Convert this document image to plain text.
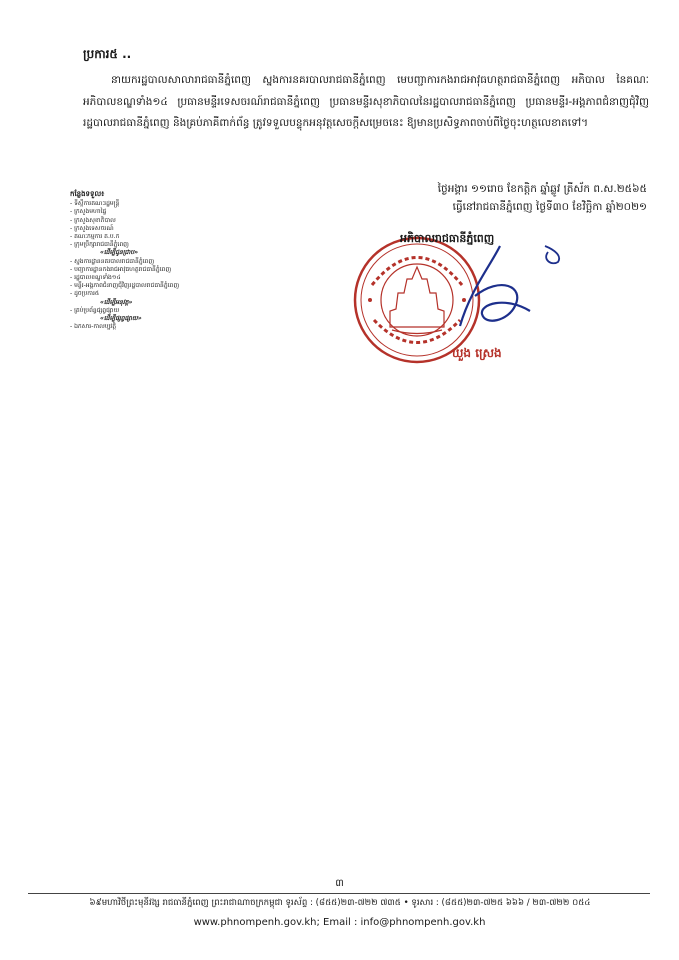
ប្រការ៥ ..
នាយករដ្ឋបាលសាលារាជធានីភ្នំពេញ ស្នងការនគរបាលរាជធានីភ្នំពេញ មេបញ្ជាការកងរាជអាវុធហត្ថរាជធានីភ្នំពេញ អភិបាល នៃគណៈអភិបាលខណ្ឌទាំង១៤ ប្រធានមន្ទីរទេសចរណ៍រាជធានីភ្នំពេញ ប្រធានមន្ទីរសុខាភិបាលនៃរដ្ឋបាលរាជធានីភ្នំពេញ ប្រធានមន្ទីរ-អង្គភាពជំនាញជុំវិញរដ្ឋបាលរាជធានីភ្នំពេញ និងគ្រប់ភាគីពាក់ព័ន្ធ ត្រូវទទួលបន្ទុកអនុវត្តសេចក្តីសម្រេចនេះ ឱ្យមានប្រសិទ្ធភាពចាប់ពីថ្ងៃចុះហត្ថលេខាតទៅ។
ថ្ងៃអង្គារ ១១រោច ខែកត្តិក ឆ្នាំឆ្លូវ ត្រីស័ក ព.ស.២៥៦៥
ធ្វើនៅរាជធានីភ្នំពេញ ថ្ងៃទី៣០ ខែវិច្ឆិកា ឆ្នាំ២០២១
អភិបាលរាជធានីភ្នំពេញ
ឃួង ស្រេង
កន្លែងទទួល៖
- ទីស្តីការគណៈរដ្ឋមន្ត្រី
- ក្រសួងមហាផ្ទៃ
- ក្រសួងសុខាភិបាល
- ក្រសួងទេសចរណ៍
- គណៈកម្មការ គ.ប.ក
- ក្រុមប្រឹក្សារាជធានីភ្នំពេញ
«ដើម្បីជូនជ្រាប»
- ស្នងការដ្ឋាននគរបាលរាជធានីភ្នំពេញ
- បញ្ជាការដ្ឋានកងរាជអាវុធហត្ថរាជធានីភ្នំពេញ
- រដ្ឋបាលខណ្ឌទាំង១៤
- មន្ទីរ-អង្គភាពជំនាញជុំវិញរដ្ឋបាលរាជធានីភ្នំពេញ
- ដូចប្រការ៥
«ដើម្បីអនុវត្ត»
- គ្រប់ប្រព័ន្ធផ្សព្វផ្សាយ
«ដើម្បីផ្សព្វផ្សាយ»
- ឯកសារ-កាលប្បវត្តិ
៣
៦៩មហាវិថីព្រះមុនីវង្ស រាជធានីភ្នំពេញ ព្រះរាជាណាចក្រកម្ពុជា ទូរស័ព្ទ : (៨៥៥)២៣-៧២២ ៧៣៥ • ទូរសារ : (៨៥៥)២៣-៧២៥ ៦៦៦ / ២៣-៧២២ ០៥៤
www.phnompenh.gov.kh; Email : info@phnompenh.gov.kh
